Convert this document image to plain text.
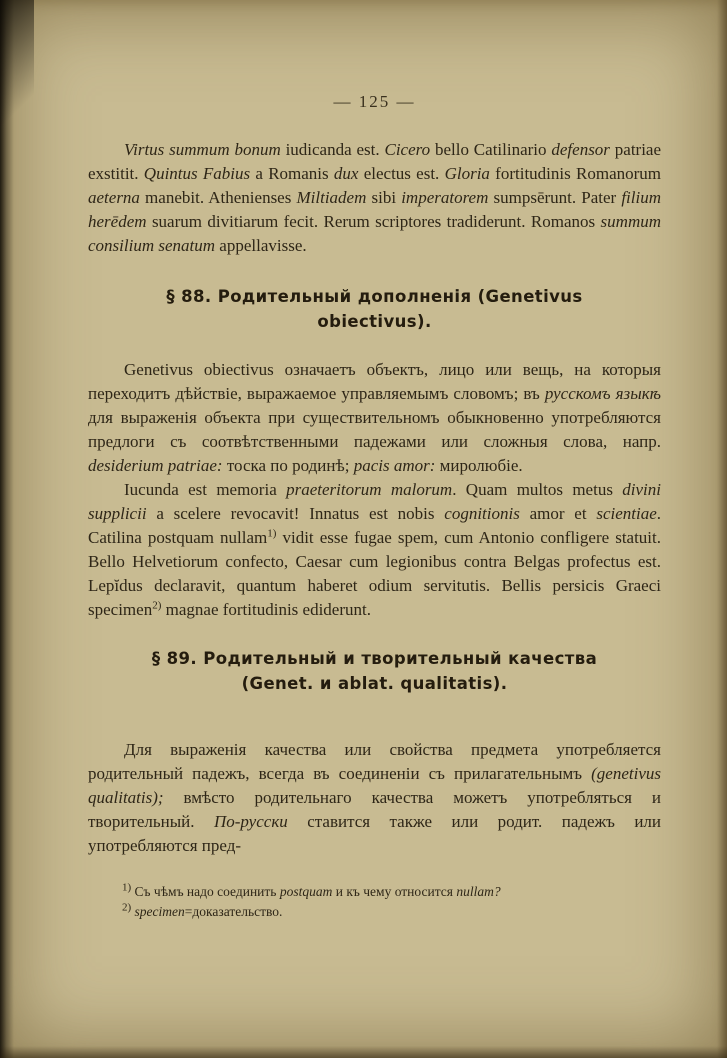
— 125 —

Virtus summum bonum iudicanda est. Cicero bello Catilinario defensor patriae exstitit. Quintus Fabius a Romanis dux electus est. Gloria fortitudinis Romanorum aeterna manebit. Athenienses Miltiadem sibi imperatorem sumpsērunt. Pater filium herēdem suarum divitiarum fecit. Rerum scriptores tradiderunt. Romanos summum consilium senatum appellavisse.

§ 88. Родительный дополненія (Genetivus
obiectivus).

Genetivus obiectivus означаетъ объектъ, лицо или вещь, на которыя переходитъ дѣйствіе, выражаемое управляемымъ словомъ; въ русскомъ языкѣ для выраженія объекта при существительномъ обыкновенно употребляются предлоги съ соотвѣтственными падежами или сложныя слова, напр. desiderium patriae: тоска по родинѣ; pacis amor: миролюбіе.

Iucunda est memoria praeteritorum malorum. Quam multos metus divini supplicii a scelere revocavit! Innatus est nobis cognitionis amor et scientiae. Catilina postquam nullam$^{1)}$ vidit esse fugae spem, cum Antonio confligere statuit. Bello Helvetiorum confecto, Caesar cum legionibus contra Belgas profectus est. Lepĭdus declaravit, quantum haberet odium servitutis. Bellis persicis Graeci specimen$^{2)}$ magnae fortitudinis ediderunt.

§ 89. Родительный и творительный качества
(Genet. и ablat. qualitatis).

Для выраженія качества или свойства предмета употребляется родительный падежъ, всегда въ соединеніи съ прилагательнымъ (genetivus qualitatis); вмѣсто родительнаго качества можетъ употребляться и творительный. По-русски ставится также или родит. падежъ или употребляются пред-

$^{1)}$ Съ чѣмъ надо соединить postquam и къ чему относится nullam?

$^{2)}$ specimen=доказательство.
